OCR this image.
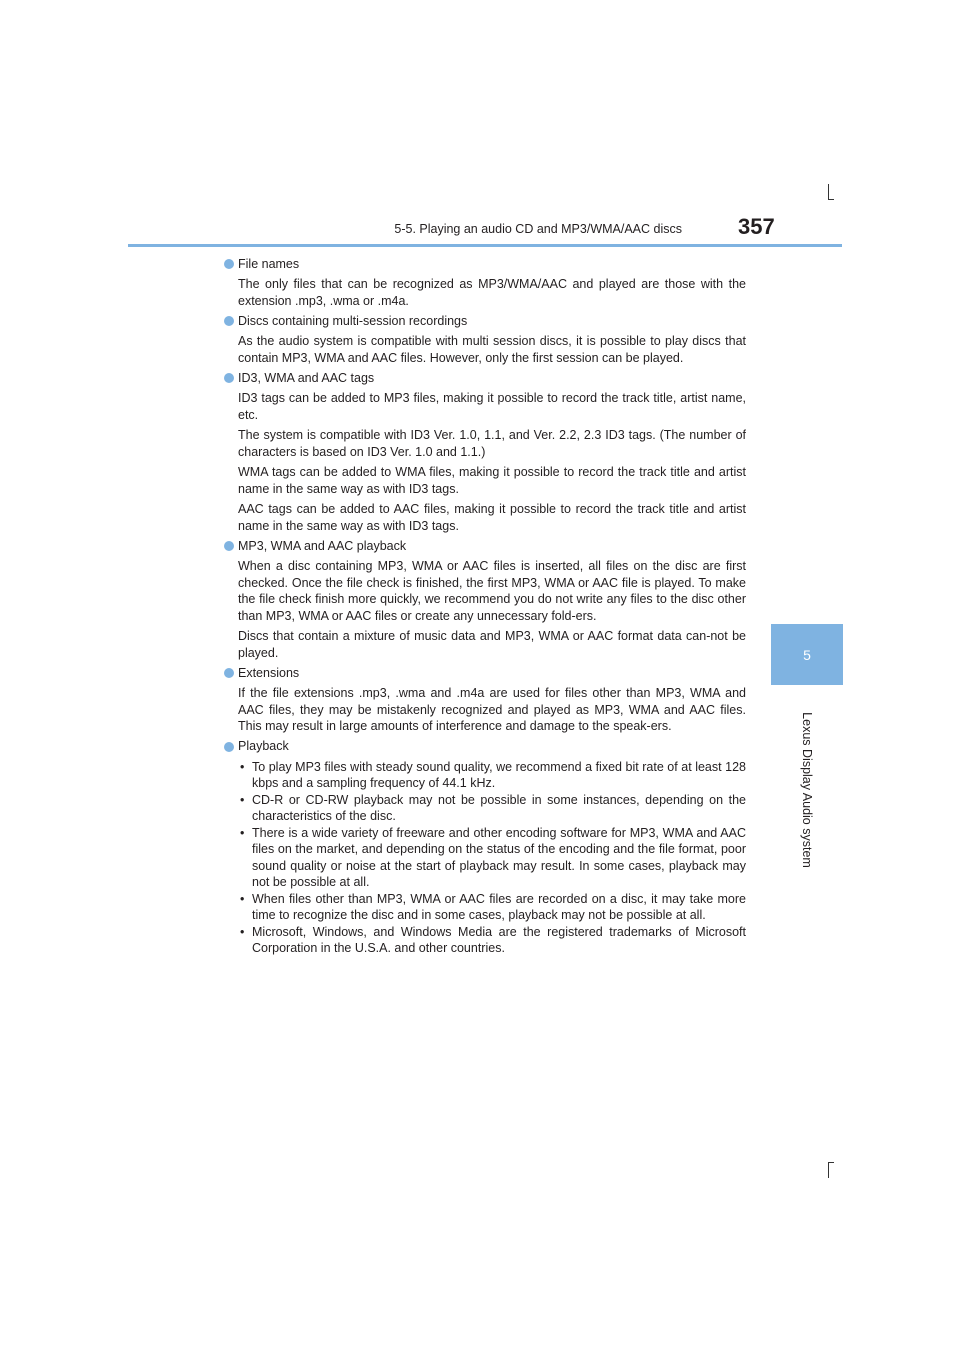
5-5. Playing an audio CD and MP3/WMA/AAC discs	357
5
Lexus Display Audio system
File names

The only files that can be recognized as MP3/WMA/AAC and played are those with the extension .mp3, .wma or .m4a.

Discs containing multi-session recordings

As the audio system is compatible with multi session discs, it is possible to play discs that contain MP3, WMA and AAC files. However, only the first session can be played.

ID3, WMA and AAC tags

ID3 tags can be added to MP3 files, making it possible to record the track title, artist name, etc.

The system is compatible with ID3 Ver. 1.0, 1.1, and Ver. 2.2, 2.3 ID3 tags. (The number of characters is based on ID3 Ver. 1.0 and 1.1.)

WMA tags can be added to WMA files, making it possible to record the track title and artist name in the same way as with ID3 tags.

AAC tags can be added to AAC files, making it possible to record the track title and artist name in the same way as with ID3 tags.

MP3, WMA and AAC playback

When a disc containing MP3, WMA or AAC files is inserted, all files on the disc are first checked. Once the file check is finished, the first MP3, WMA or AAC file is played. To make the file check finish more quickly, we recommend you do not write any files to the disc other than MP3, WMA or AAC files or create any unnecessary fold-ers.

Discs that contain a mixture of music data and MP3, WMA or AAC format data can-not be played.

Extensions

If the file extensions .mp3, .wma and .m4a are used for files other than MP3, WMA and AAC files, they may be mistakenly recognized and played as MP3, WMA and AAC files. This may result in large amounts of interference and damage to the speak-ers.

Playback
• To play MP3 files with steady sound quality, we recommend a fixed bit rate of at least 128 kbps and a sampling frequency of 44.1 kHz.
• CD-R or CD-RW playback may not be possible in some instances, depending on the characteristics of the disc.
• There is a wide variety of freeware and other encoding software for MP3, WMA and AAC files on the market, and depending on the status of the encoding and the file format, poor sound quality or noise at the start of playback may result. In some cases, playback may not be possible at all.
• When files other than MP3, WMA or AAC files are recorded on a disc, it may take more time to recognize the disc and in some cases, playback may not be possible at all.
• Microsoft, Windows, and Windows Media are the registered trademarks of Microsoft Corporation in the U.S.A. and other countries.
